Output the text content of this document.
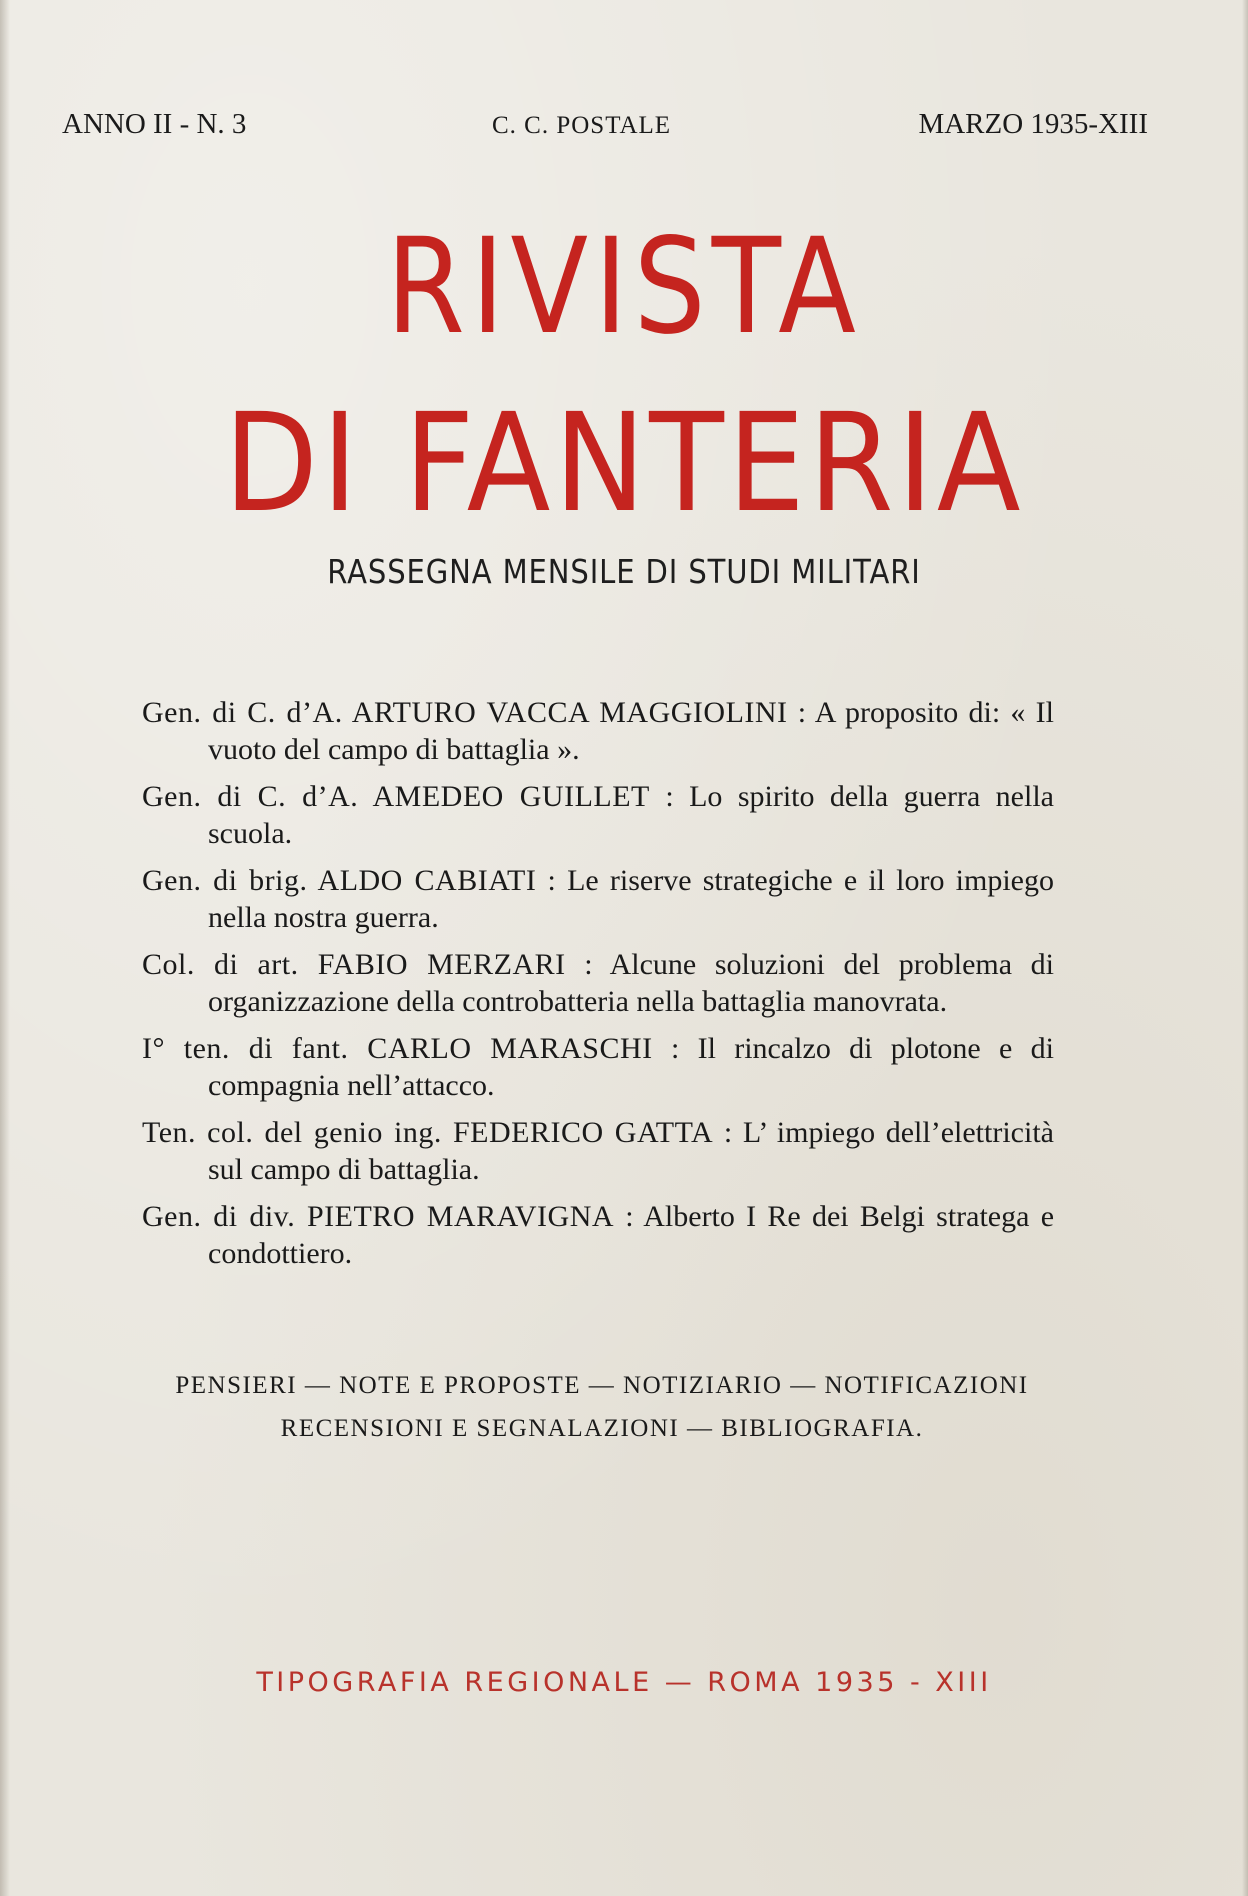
ANNO II - N. 3	C. C. POSTALE	MARZO 1935-XIII
RIVISTA
DI FANTERIA
RASSEGNA MENSILE DI STUDI MILITARI

Gen. di C. d’A. ARTURO VACCA MAGGIOLINI : A proposito di: « Il vuoto del campo di battaglia ».

Gen. di C. d’A. AMEDEO GUILLET : Lo spirito della guerra nella scuola.

Gen. di brig. ALDO CABIATI : Le riserve strategiche e il loro impiego nella nostra guerra.

Col. di art. FABIO MERZARI : Alcune soluzioni del problema di organizzazione della controbatteria nella battaglia manovrata.

I° ten. di fant. CARLO MARASCHI : Il rincalzo di plotone e di compagnia nell’attacco.

Ten. col. del genio ing. FEDERICO GATTA : L’ impiego dell’elettricità sul campo di battaglia.

Gen. di div. PIETRO MARAVIGNA : Alberto I Re dei Belgi stratega e condottiero.

PENSIERI — NOTE E PROPOSTE — NOTIZIARIO — NOTIFICAZIONI
RECENSIONI E SEGNALAZIONI — BIBLIOGRAFIA.
TIPOGRAFIA REGIONALE — ROMA 1935 - XIII
